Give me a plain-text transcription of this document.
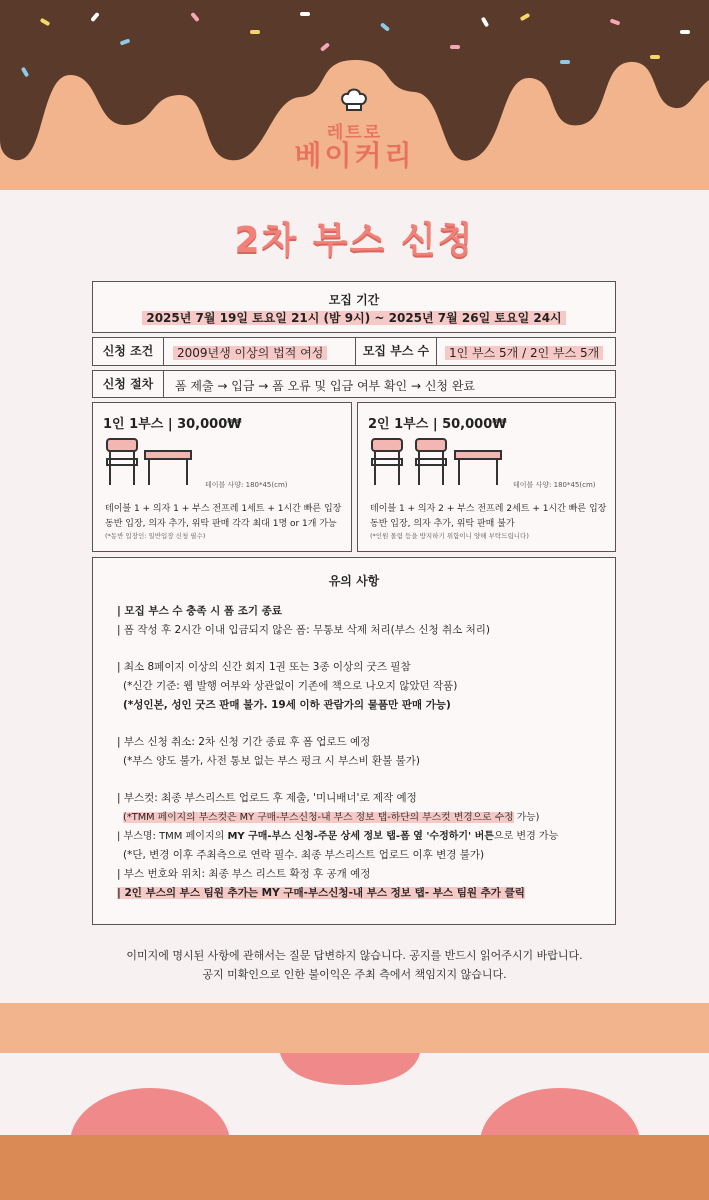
레트로
베이커리
2차 부스 신청
모집 기간
2025년 7월 19일 토요일 21시 (밤 9시) ~ 2025년 7월 26일 토요일 24시
신청 조건	2009년생 이상의 법적 여성	모집 부스 수	1인 부스 5개 / 2인 부스 5개
신청 절차	폼 제출 → 입금 → 폼 오류 및 입금 여부 확인 → 신청 완료
1인 1부스 | 30,000₩
테이블 사양: 180*45(cm)
테이블 1 + 의자 1 + 부스 전프레 1세트 + 1시간 빠른 입장
동반 입장, 의자 추가, 위탁 판매 각각 최대 1명 or 1개 가능
(*동반 입장인: 일반입장 신청 필수)
2인 1부스 | 50,000₩
테이블 사양: 180*45(cm)
테이블 1 + 의자 2 + 부스 전프레 2세트 + 1시간 빠른 입장
동반 입장, 의자 추가, 위탁 판매 불가
(*인원 몰림 등을 방지하기 위함이니 양해 부탁드립니다)
유의 사항

| 모집 부스 수 충족 시 폼 조기 종료

| 폼 작성 후 2시간 이내 입금되지 않은 폼: 무통보 삭제 처리(부스 신청 취소 처리)

| 최소 8페이지 이상의 신간 회지 1권 또는 3종 이상의 굿즈 필참

(*신간 기준: 웹 발행 여부와 상관없이 기존에 책으로 나오지 않았던 작품)

(*성인본, 성인 굿즈 판매 불가. 19세 이하 관람가의 물품만 판매 가능)

| 부스 신청 취소: 2차 신청 기간 종료 후 폼 업로드 예정

(*부스 양도 불가, 사전 통보 없는 부스 펑크 시 부스비 환불 불가)

| 부스컷: 최종 부스리스트 업로드 후 제출, '미니배너'로 제작 예정

(*TMM 페이지의 부스컷은 MY 구매-부스신청-내 부스 정보 탭-하단의 부스컷 변경으로 수정 가능)

| 부스명: TMM 페이지의 MY 구매-부스 신청-주문 상세 정보 탭-폼 옆 '수정하기' 버튼으로 변경 가능

(*단, 변경 이후 주최측으로 연락 필수. 최종 부스리스트 업로드 이후 변경 불가)

| 부스 번호와 위치: 최종 부스 리스트 확정 후 공개 예정

| 2인 부스의 부스 팀원 추가는 MY 구매-부스신청-내 부스 정보 탭- 부스 팀원 추가 클릭

이미지에 명시된 사항에 관해서는 질문 답변하지 않습니다. 공지를 반드시 읽어주시기 바랍니다.
공지 미확인으로 인한 불이익은 주최 측에서 책임지지 않습니다.
